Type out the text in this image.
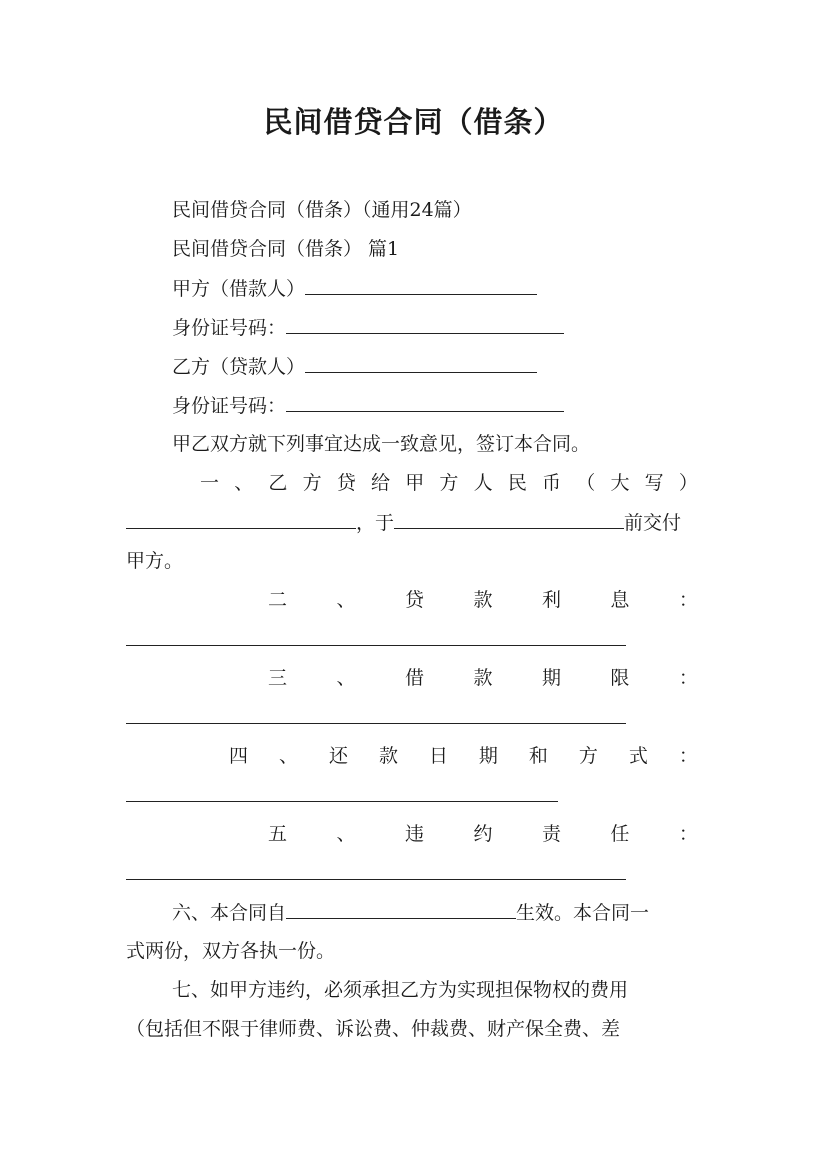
民间借贷合同（借条）
民间借贷合同（借条）（通用24篇）
民间借贷合同（借条） 篇1
甲方（借款人）
身份证号码：
乙方（贷款人）
身份证号码：
甲乙双方就下列事宜达成一致意见，签订本合同。
一 、 乙 方 贷 给 甲 方 人 民 币 （ 大 写 ）
，于	前交付
甲方。
二	、	贷	款	利	息	：
三	、	借	款	期	限	：
四 、 还 款 日 期 和 方 式 ：
五	、	违	约	责	任	：
六、本合同自	生效。本合同一
式两份，双方各执一份。
七、如甲方违约，必须承担乙方为实现担保物权的费用
（包括但不限于律师费、诉讼费、仲裁费、财产保全费、差
